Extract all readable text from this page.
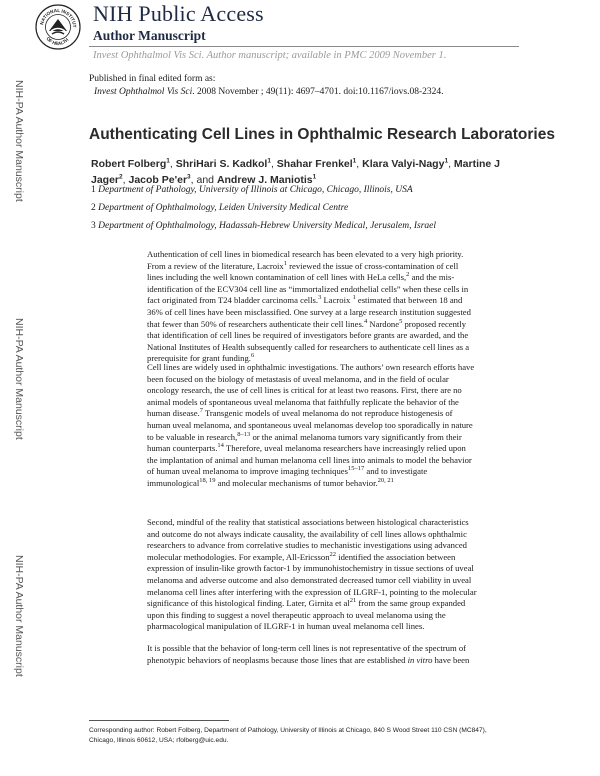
NATIONAL INSTITUT
OF HEALTH
NIH Public Access
Author Manuscript
Invest Ophthalmol Vis Sci. Author manuscript; available in PMC 2009 November 1.
Published in final edited form as:
Invest Ophthalmol Vis Sci. 2008 November ; 49(11): 4697–4701. doi:10.1167/iovs.08-2324.
NIH-PA Author Manuscript
NIH-PA Author Manuscript
NIH-PA Author Manuscript
Authenticating Cell Lines in Ophthalmic Research Laboratories
Robert Folberg$^1$, ShriHari S. Kadkol$^1$, Shahar Frenkel$^1$, Klara Valyi-Nagy$^1$, Martine J Jager$^2$, Jacob $Pe'er^3$, and Andrew J. Maniotis$^1$
1 Department of Pathology, University of Illinois at Chicago, Chicago, Illinois, USA
2 Department of Ophthalmology, Leiden University Medical Centre
3 Department of Ophthalmology, Hadassah-Hebrew University Medical, Jerusalem, Israel
Authentication of cell lines in biomedical research has been elevated to a very high priority.
From a review of the literature, Lacroix$^1$ reviewed the issue of cross-contamination of cell
lines including the well known contamination of cell lines with HeLa cells,$^2$ and the mis-
identification of the ECV304 cell line as “immortalized endothelial cells” when these cells in
fact originated from T24 bladder carcinoma cells.$^3$ Lacroix $^1$ estimated that between 18 and
36% of cell lines have been misclassified. One survey at a large research institution suggested
that fewer than 50% of researchers authenticate their cell lines.$^4$ Nardone$^5$ proposed recently
that identification of cell lines be required of investigators before grants are awarded, and the
National Institutes of Health subsequently called for researchers to authenticate cell lines as a
prerequisite for grant funding.$^6$
Cell lines are widely used in ophthalmic investigations. The authors’ own research efforts have
been focused on the biology of metastasis of uveal melanoma, and in the field of ocular
oncology research, the use of cell lines is critical for at least two reasons. First, there are no
animal models of spontaneous uveal melanoma that faithfully replicate the behavior of the
human disease.$^7$ Transgenic models of uveal melanoma do not reproduce histogenesis of
human uveal melanoma, and spontaneous uveal melanomas develop too sporadically in nature
to be valuable in research,$^{8-13}$ or the animal melanoma tumors vary significantly from their
human counterparts.$^{14}$ Therefore, uveal melanoma researchers have increasingly relied upon
the implantation of animal and human melanoma cell lines into animals to model the behavior
of human uveal melanoma to improve imaging techniques$^{15-17}$ and to investigate
immunological$^{18, 19}$ and molecular mechanisms of tumor behavior.$^{20, 21}$
Second, mindful of the reality that statistical associations between histological characteristics
and outcome do not always indicate causality, the availability of cell lines allows ophthalmic
researchers to advance from correlative studies to mechanistic investigations using advanced
molecular methodologies. For example, All-Ericsson$^{22}$ identified the association between
expression of insulin-like growth factor-1 by immunohistochemistry in tissue sections of uveal
melanoma and adverse outcome and also demonstrated decreased tumor cell viability in uveal
melanoma cell lines after interfering with the expression of ILGRF-1, pointing to the molecular
significance of this histological finding. Later, Girnita et $al^{21}$ from the same group expanded
upon this finding to suggest a novel therapeutic approach to uveal melanoma using the
pharmacological manipulation of ILGRF-1 in human uveal melanoma cell lines.
It is possible that the behavior of long-term cell lines is not representative of the spectrum of
phenotypic behaviors of neoplasms because those lines that are established in vitro have been
Corresponding author: Robert Folberg, Department of Pathology, University of Illinois at Chicago, 840 S Wood Street 110 CSN (MC847),
Chicago, Illinois 60612, USA; rfolberg@uic.edu.
